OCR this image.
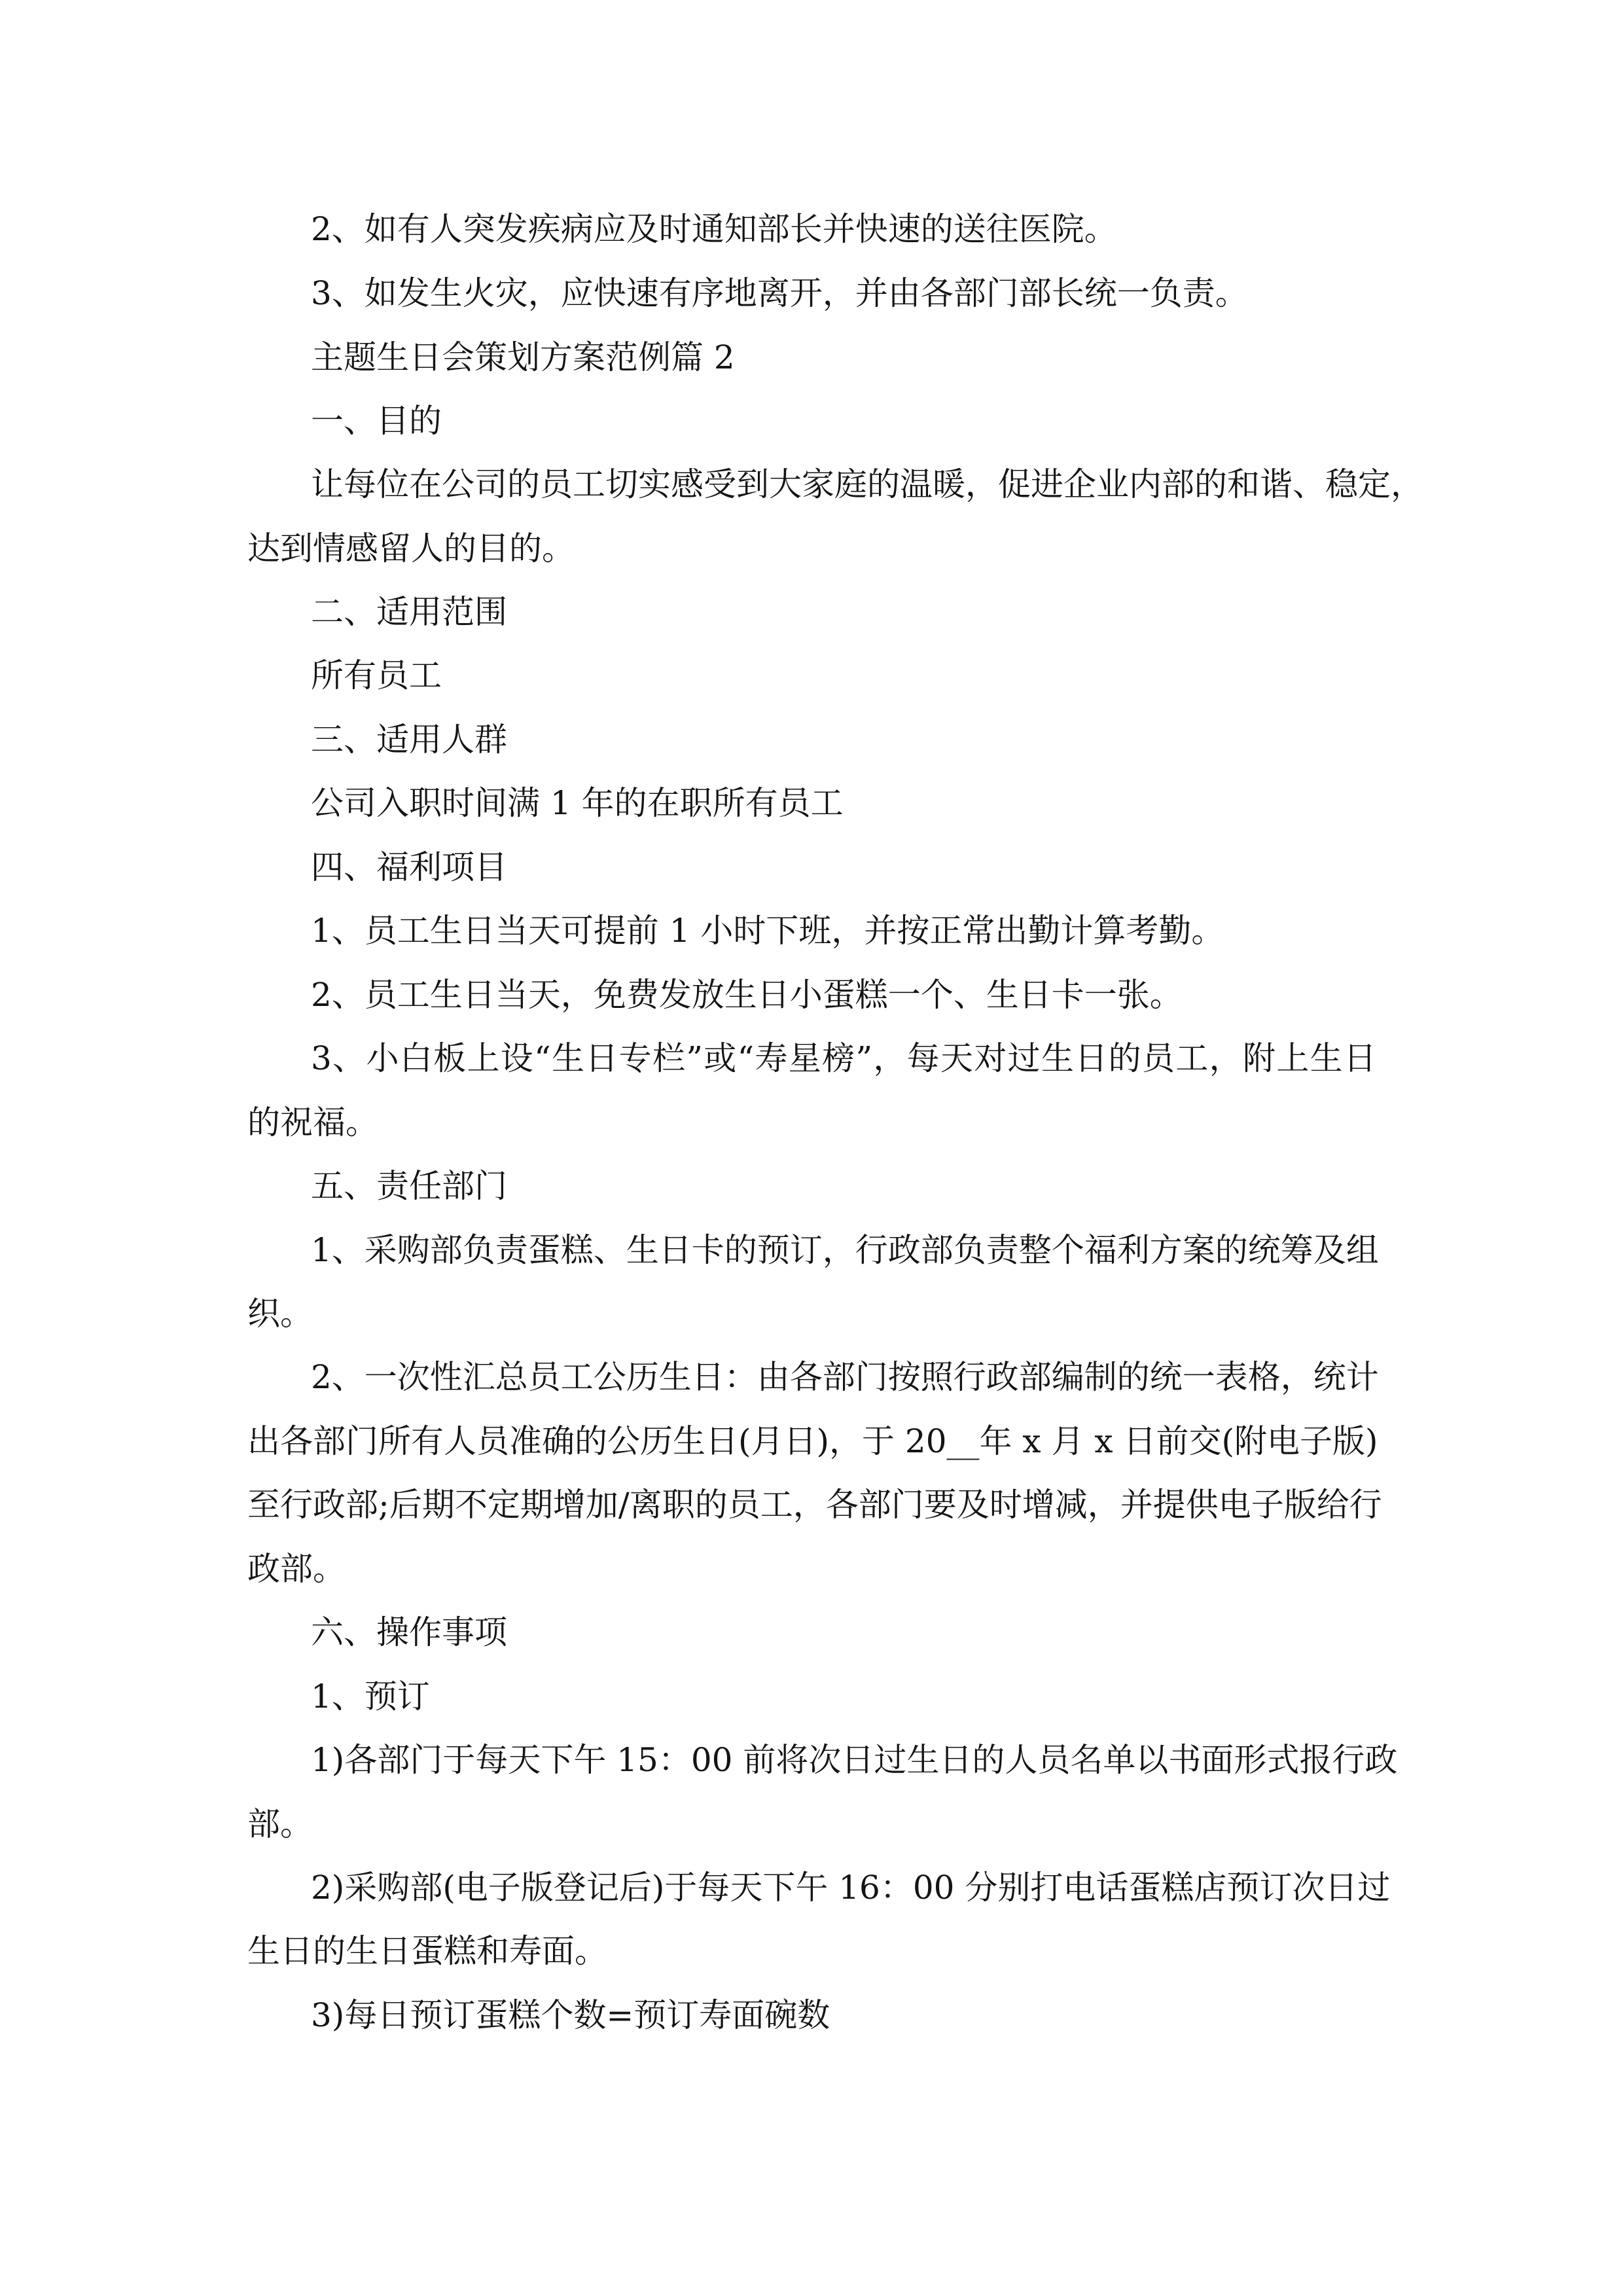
2、如有人突发疾病应及时通知部长并快速的送往医院。
3、如发生火灾，应快速有序地离开，并由各部门部长统一负责。
主题生日会策划方案范例篇 2
一、目的
让每位在公司的员工切实感受到大家庭的温暖，促进企业内部的和谐、稳定，
达到情感留人的目的。
二、适用范围
所有员工
三、适用人群
公司入职时间满 1 年的在职所有员工
四、福利项目
1、员工生日当天可提前 1 小时下班，并按正常出勤计算考勤。
2、员工生日当天，免费发放生日小蛋糕一个、生日卡一张。
3、小白板上设“生日专栏”或“寿星榜”，每天对过生日的员工，附上生日
的祝福。
五、责任部门
1、采购部负责蛋糕、生日卡的预订，行政部负责整个福利方案的统筹及组
织。
2、一次性汇总员工公历生日：由各部门按照行政部编制的统一表格，统计
出各部门所有人员准确的公历生日(月日)，于 20__年 x 月 x 日前交(附电子版)
至行政部;后期不定期增加/离职的员工，各部门要及时增减，并提供电子版给行
政部。
六、操作事项
1、预订
1)各部门于每天下午 15：00 前将次日过生日的人员名单以书面形式报行政
部。
2)采购部(电子版登记后)于每天下午 16：00 分别打电话蛋糕店预订次日过
生日的生日蛋糕和寿面。
3)每日预订蛋糕个数=预订寿面碗数
